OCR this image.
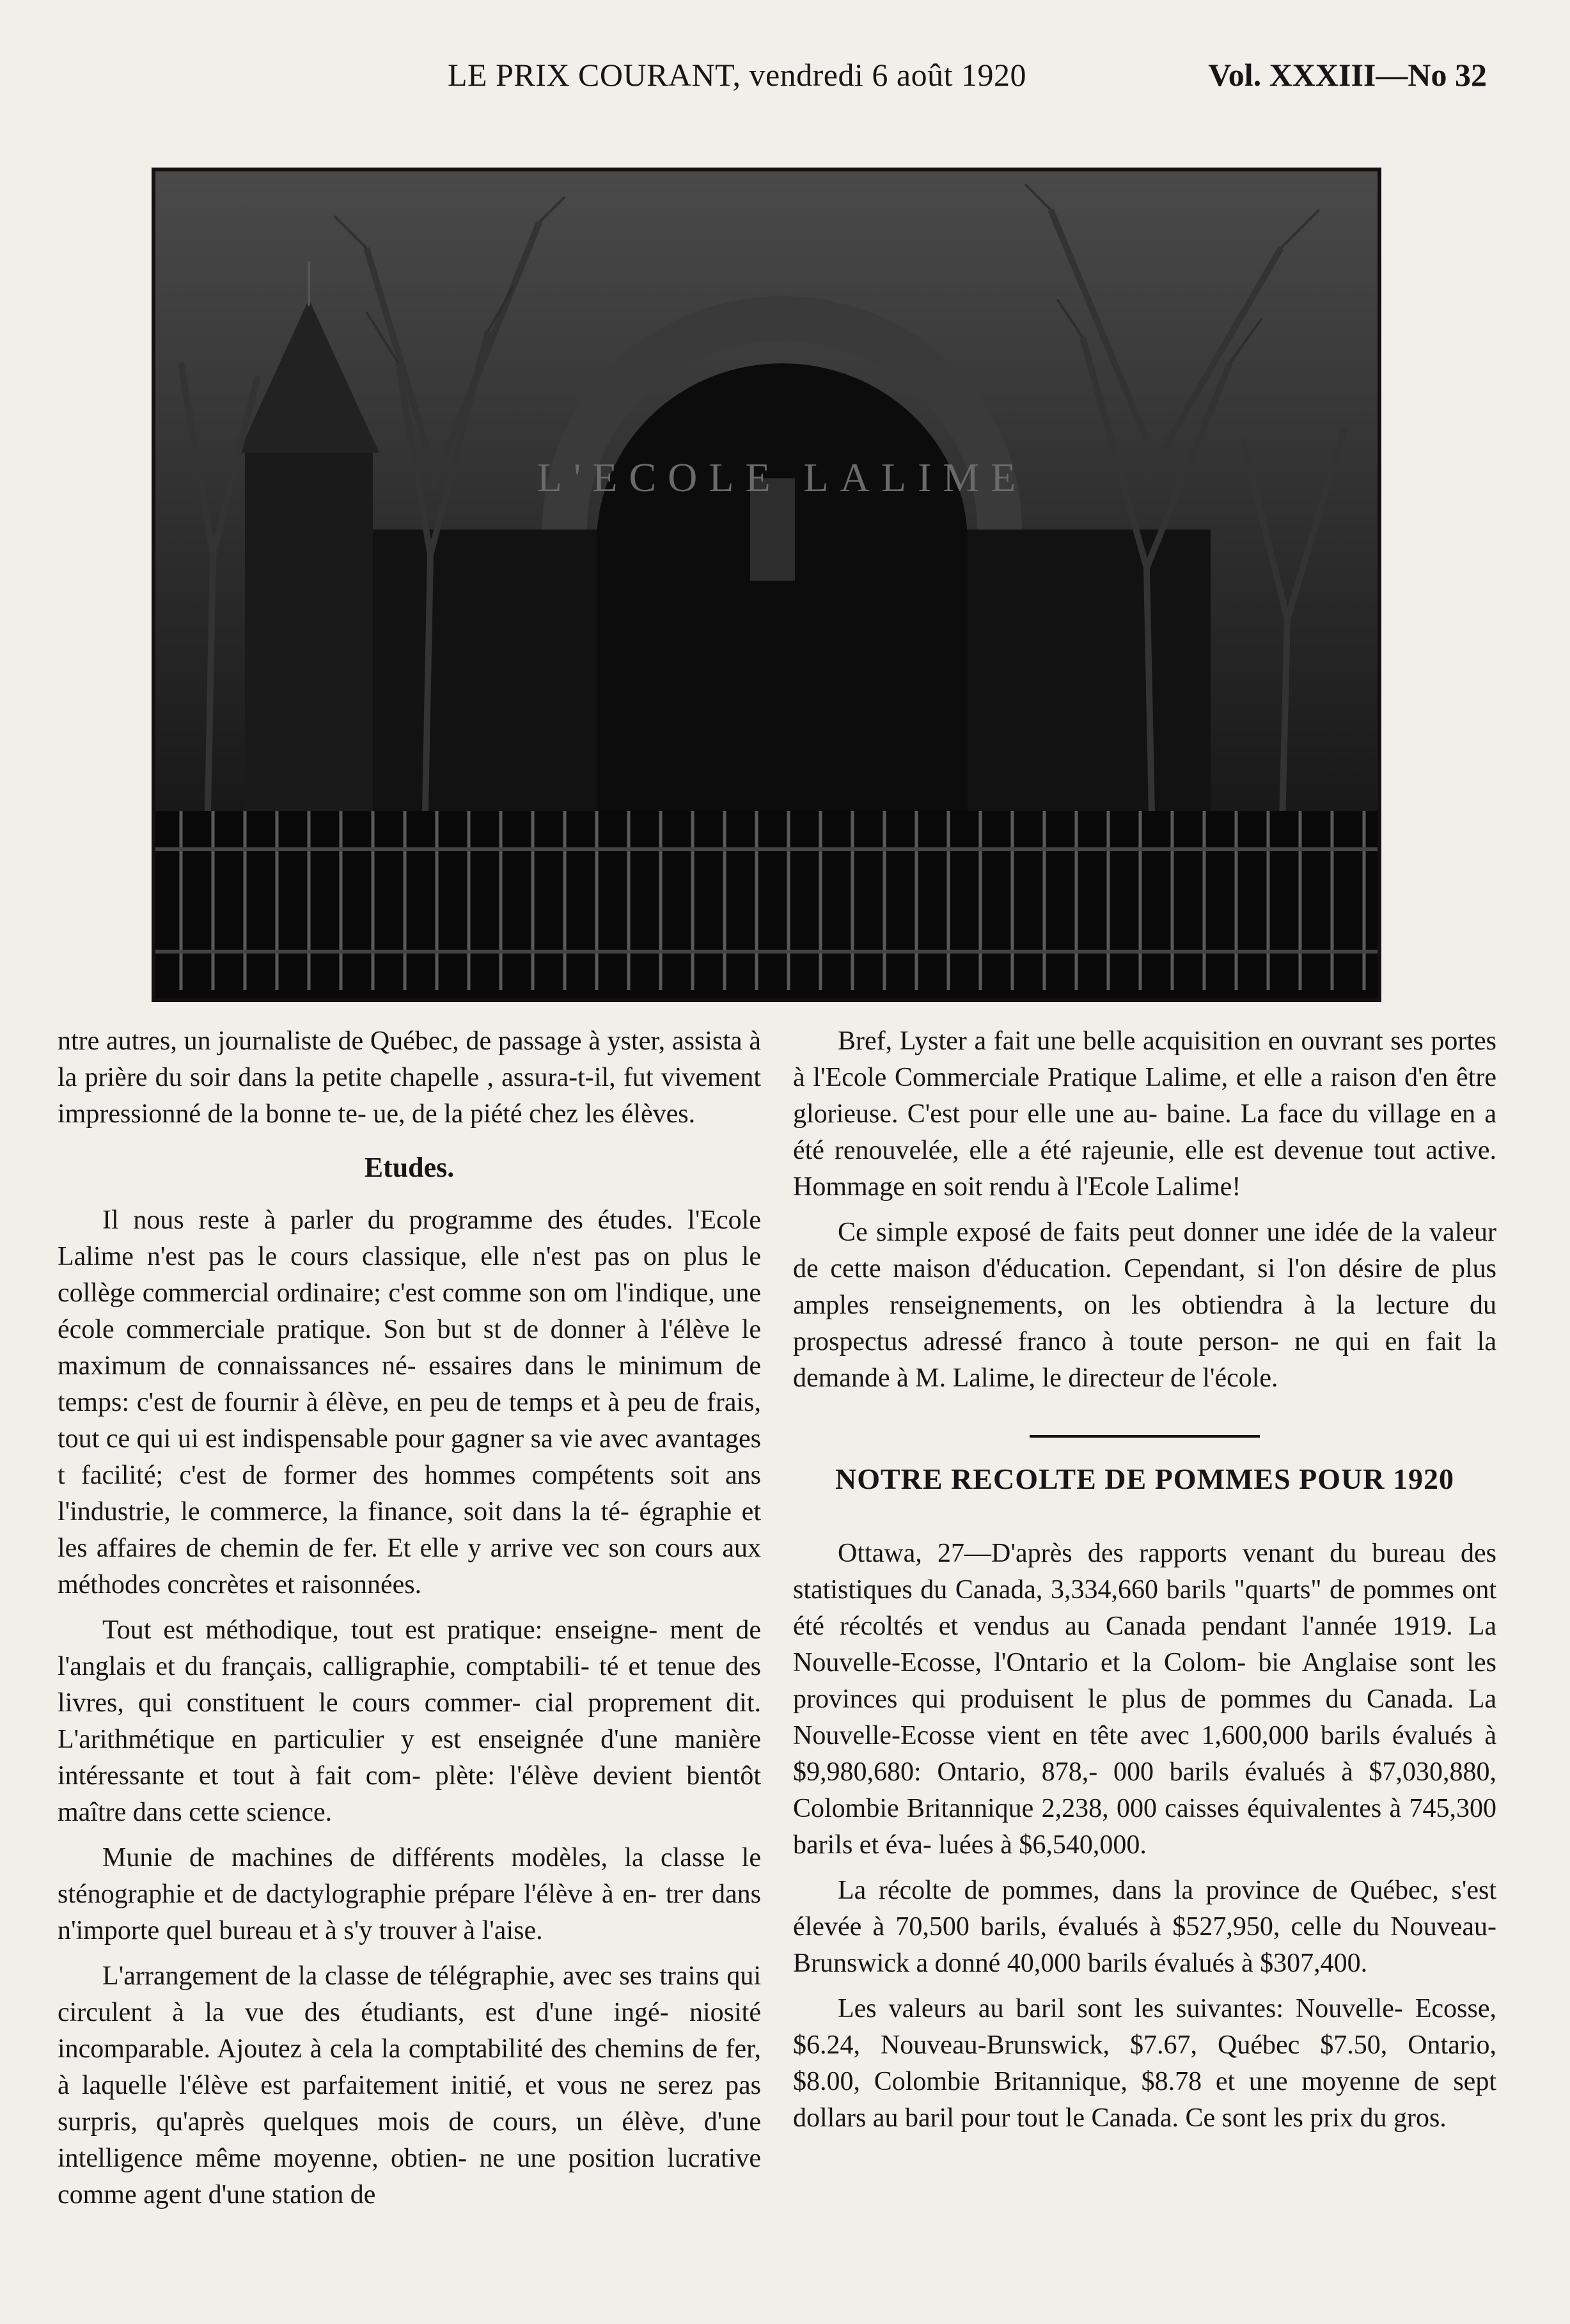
LE PRIX COURANT, vendredi 6 août 1920	Vol. XXXIII—No 32
L'ECOLE LALIME

ntre autres, un journaliste de Québec, de passage à yster, assista à la prière du soir dans la petite chapelle , assura-t-il, fut vivement impressionné de la bonne te- ue, de la piété chez les élèves.

Etudes.

Il nous reste à parler du programme des études. l'Ecole Lalime n'est pas le cours classique, elle n'est pas on plus le collège commercial ordinaire; c'est comme son om l'indique, une école commerciale pratique. Son but st de donner à l'élève le maximum de connaissances né- essaires dans le minimum de temps: c'est de fournir à élève, en peu de temps et à peu de frais, tout ce qui ui est indispensable pour gagner sa vie avec avantages t facilité; c'est de former des hommes compétents soit ans l'industrie, le commerce, la finance, soit dans la té- égraphie et les affaires de chemin de fer. Et elle y arrive vec son cours aux méthodes concrètes et raisonnées.

Tout est méthodique, tout est pratique: enseigne- ment de l'anglais et du français, calligraphie, comptabili- té et tenue des livres, qui constituent le cours commer- cial proprement dit. L'arithmétique en particulier y est enseignée d'une manière intéressante et tout à fait com- plète: l'élève devient bientôt maître dans cette science.

Munie de machines de différents modèles, la classe le sténographie et de dactylographie prépare l'élève à en- trer dans n'importe quel bureau et à s'y trouver à l'aise.

L'arrangement de la classe de télégraphie, avec ses trains qui circulent à la vue des étudiants, est d'une ingé- niosité incomparable. Ajoutez à cela la comptabilité des chemins de fer, à laquelle l'élève est parfaitement initié, et vous ne serez pas surpris, qu'après quelques mois de cours, un élève, d'une intelligence même moyenne, obtien- ne une position lucrative comme agent d'une station de

Bref, Lyster a fait une belle acquisition en ouvrant ses portes à l'Ecole Commerciale Pratique Lalime, et elle a raison d'en être glorieuse. C'est pour elle une au- baine. La face du village en a été renouvelée, elle a été rajeunie, elle est devenue tout active. Hommage en soit rendu à l'Ecole Lalime!

Ce simple exposé de faits peut donner une idée de la valeur de cette maison d'éducation. Cependant, si l'on désire de plus amples renseignements, on les obtiendra à la lecture du prospectus adressé franco à toute person- ne qui en fait la demande à M. Lalime, le directeur de l'école.

NOTRE RECOLTE DE POMMES POUR 1920

Ottawa, 27—D'après des rapports venant du bureau des statistiques du Canada, 3,334,660 barils "quarts" de pommes ont été récoltés et vendus au Canada pendant l'année 1919. La Nouvelle-Ecosse, l'Ontario et la Colom- bie Anglaise sont les provinces qui produisent le plus de pommes du Canada. La Nouvelle-Ecosse vient en tête avec 1,600,000 barils évalués à $9,980,680: Ontario, 878,- 000 barils évalués à $7,030,880, Colombie Britannique 2,238, 000 caisses équivalentes à 745,300 barils et éva- luées à $6,540,000.

La récolte de pommes, dans la province de Québec, s'est élevée à 70,500 barils, évalués à $527,950, celle du Nouveau-Brunswick a donné 40,000 barils évalués à $307,400.

Les valeurs au baril sont les suivantes: Nouvelle- Ecosse, $6.24, Nouveau-Brunswick, $7.67, Québec $7.50, Ontario, $8.00, Colombie Britannique, $8.78 et une moyenne de sept dollars au baril pour tout le Canada. Ce sont les prix du gros.
